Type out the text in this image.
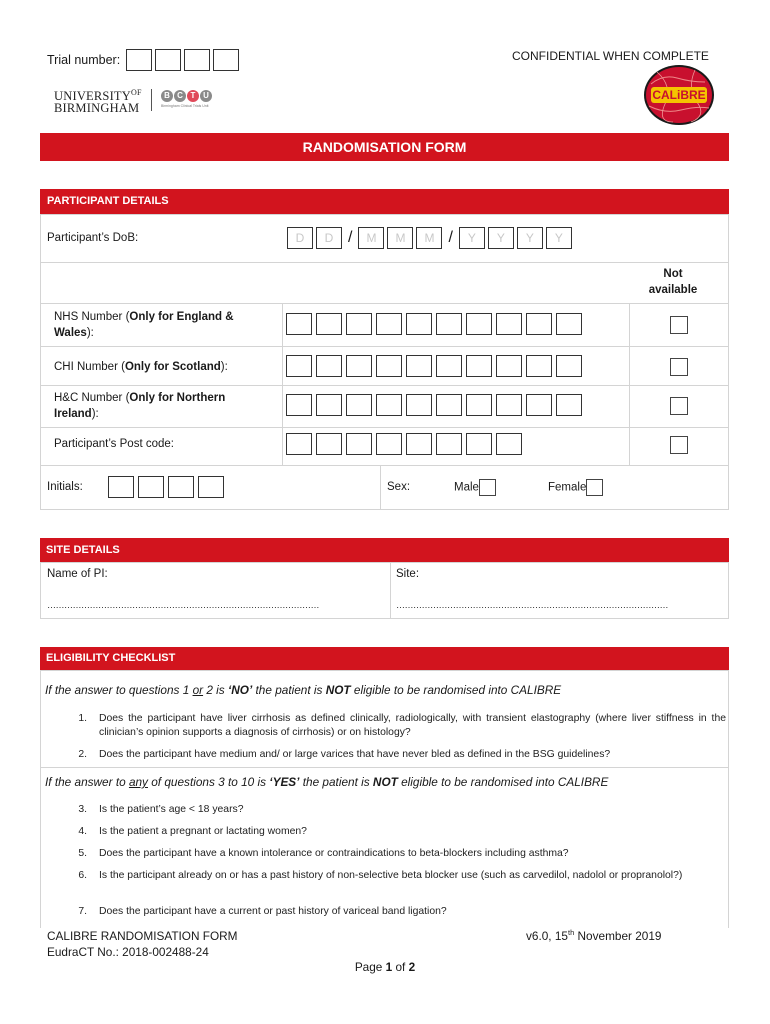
Trial number:	CONFIDENTIAL WHEN COMPLETE
$UNIVERSITY^{OF}$
BIRMINGHAM
B C T U
Birmingham Clinical Trials Unit
CALiBRE
RANDOMISATION FORM
PARTICIPANT DETAILS
Participant’s DoB:	D	D /	M	M	M /	Y	Y	Y	Y
Not
available
NHS Number (Only for England & Wales):
CHI Number (Only for Scotland):
H&C Number (Only for Northern Ireland):
Participant’s Post code:
Initials:	Sex:	Male	Female
SITE DETAILS
Name of PI:
……………………………………………………………………………………
Site:
……………………………………………………………………………………
ELIGIBILITY CHECKLIST
If the answer to questions 1 or 2 is ‘NO’ the patient is NOT eligible to be randomised into CALIBRE
1. Does the participant have liver cirrhosis as defined clinically, radiologically, with transient elastography (where liver stiffness in the clinician’s opinion supports a diagnosis of cirrhosis) or on histology?
2. Does the participant have medium and/ or large varices that have never bled as defined in the BSG guidelines?
If the answer to any of questions 3 to 10 is ‘YES’ the patient is NOT eligible to be randomised into CALIBRE
3. Is the patient’s age < 18 years?
4. Is the patient a pregnant or lactating women?
5. Does the participant have a known intolerance or contraindications to beta-blockers including asthma?
6. Is the participant already on or has a past history of non-selective beta blocker use (such as carvedilol, nadolol or propranolol?)
7. Does the participant have a current or past history of variceal band ligation?
CALIBRE RANDOMISATION FORM
EudraCT No.: 2018-002488-24
v6.0, 15th November 2019
Page 1 of 2
